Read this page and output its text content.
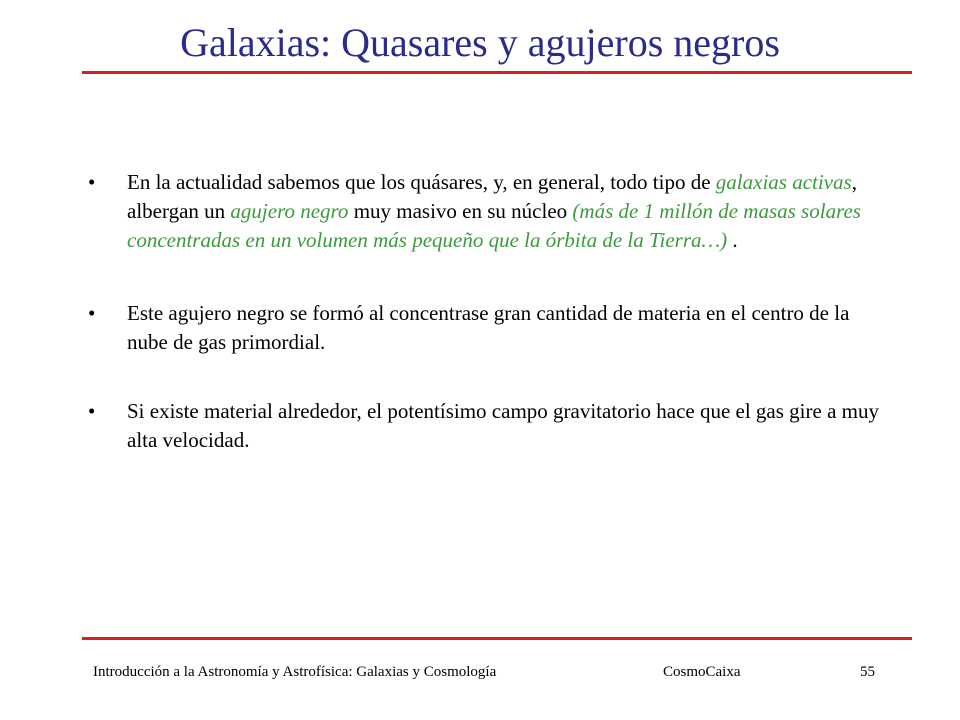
Galaxias: Quasares y agujeros negros
• En la actualidad sabemos que los quásares, y, en general, todo tipo de galaxias activas, albergan un agujero negro muy masivo en su núcleo (más de 1 millón de masas solares concentradas en un volumen más pequeño que la órbita de la Tierra…) .
• Este agujero negro se formó al concentrase gran cantidad de materia en el centro de la nube de gas primordial.
• Si existe material alrededor, el potentísimo campo gravitatorio hace que el gas gire a muy alta velocidad.
Introducción a la Astronomía y Astrofísica: Galaxias y Cosmología	CosmoCaixa	55
